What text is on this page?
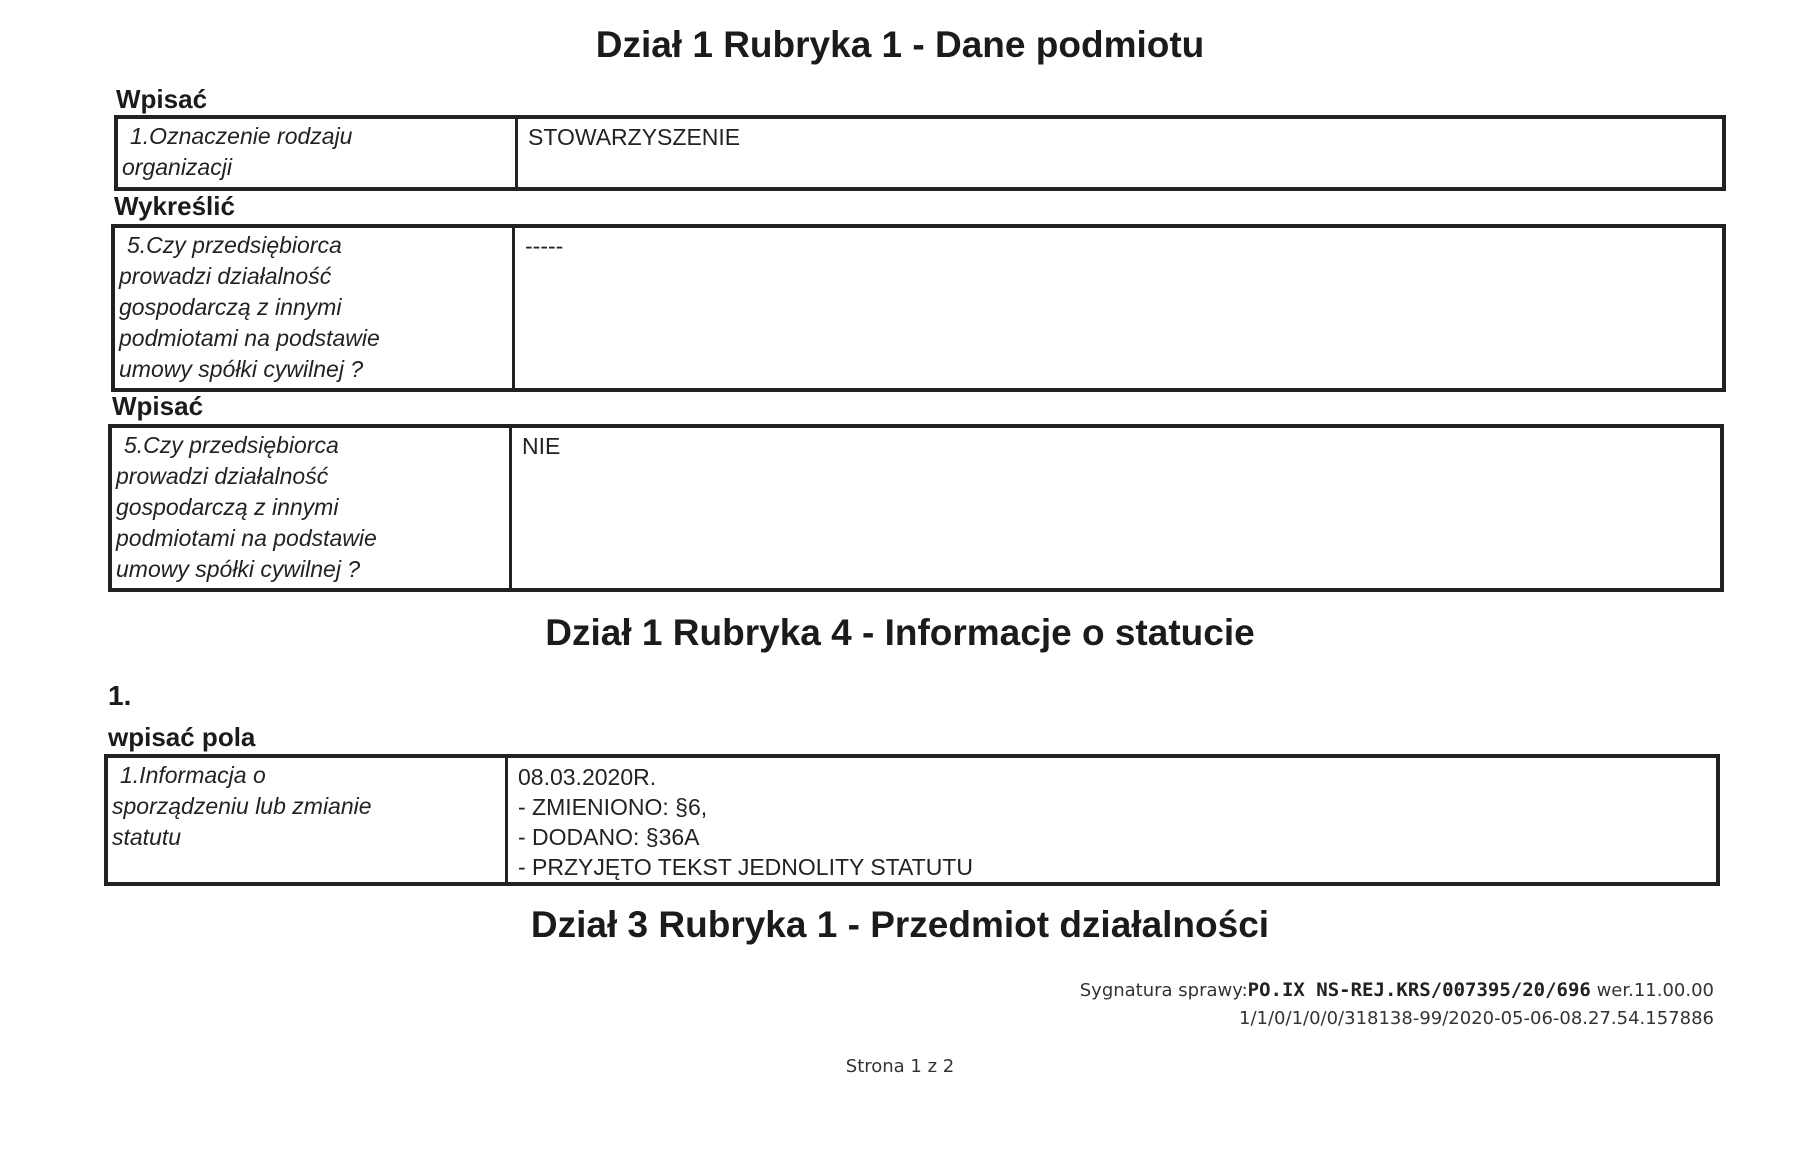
Dział 1 Rubryka 1 - Dane podmiotu
Wpisać
1.Oznaczenie rodzaju
organizacji
STOWARZYSZENIE
Wykreślić
5.Czy przedsiębiorca
prowadzi działalność
gospodarczą z innymi
podmiotami na podstawie
umowy spółki cywilnej ?
-----
Wpisać
5.Czy przedsiębiorca
prowadzi działalność
gospodarczą z innymi
podmiotami na podstawie
umowy spółki cywilnej ?
NIE
Dział 1 Rubryka 4 - Informacje o statucie
1.
wpisać pola
1.Informacja o
sporządzeniu lub zmianie
statutu
08.03.2020R.
- ZMIENIONO: §6,
- DODANO: §36A
- PRZYJĘTO TEKST JEDNOLITY STATUTU
Dział 3 Rubryka 1 - Przedmiot działalności
Sygnatura sprawy:PO.IX NS-REJ.KRS/007395/20/696 wer.11.00.00
1/1/0/1/0/0/318138-99/2020-05-06-08.27.54.157886
Strona 1 z 2
